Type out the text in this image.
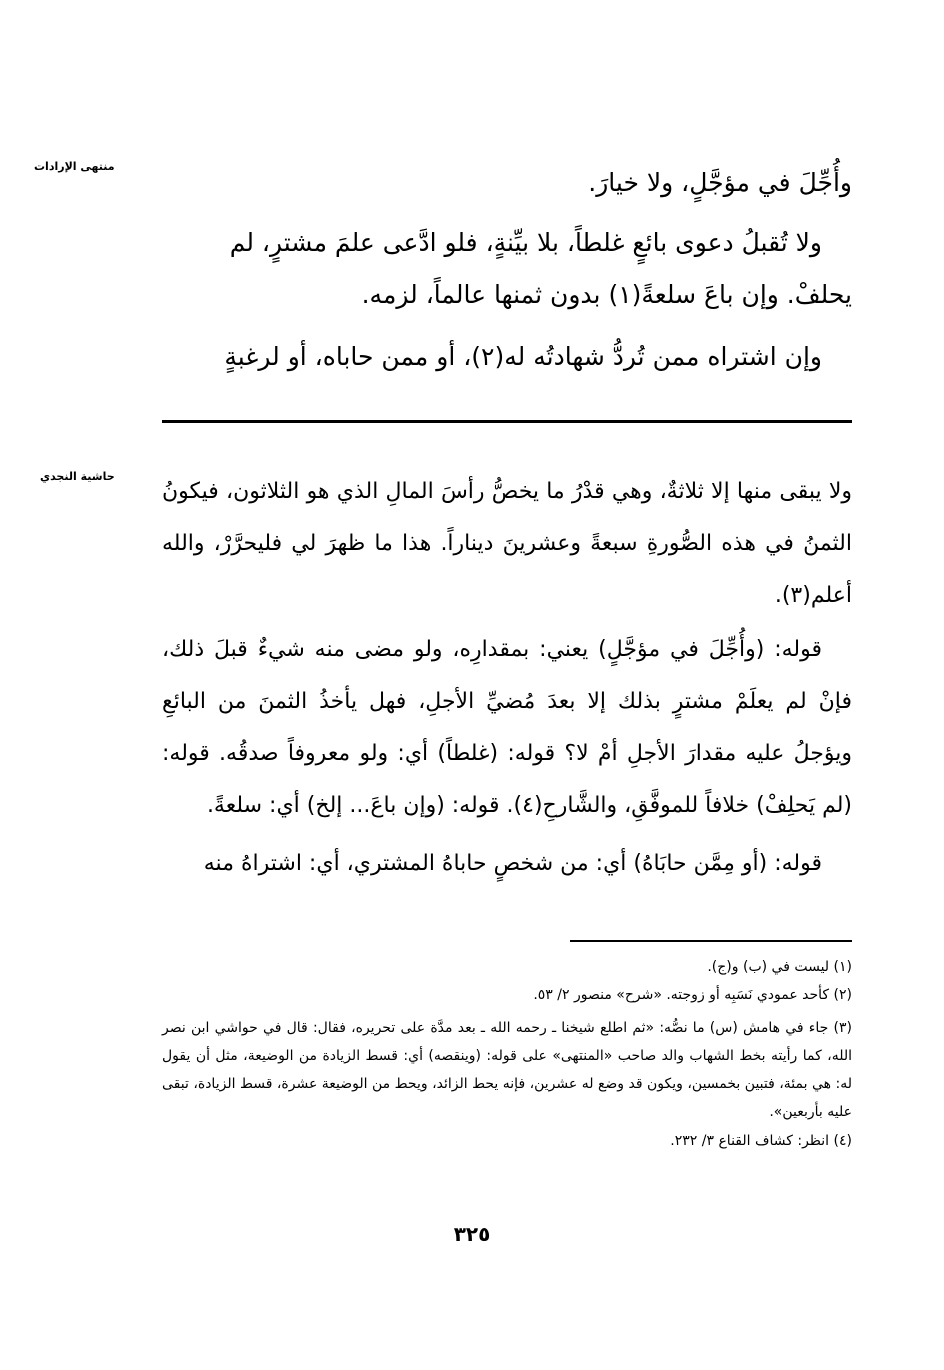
منتهى الإرادات
حاشية النجدي

وأُجِّلَ في مؤجَّلٍ، ولا خيارَ.

ولا تُقبلُ دعوى بائعٍ غلطاً، بلا بيِّنةٍ، فلو ادَّعى علمَ مشترٍ، لم

يحلفْ. وإن باعَ سلعةً(١) بدون ثمنها عالماً، لزمه.

وإن اشتراه ممن تُردُّ شهادتُه له(٢)، أو ممن حاباه، أو لرغبةٍ

ولا يبقى منها إلا ثلاثةٌ، وهي قدْرُ ما يخصُّ رأسَ المالِ الذي هو الثلاثون، فيكونُ الثمنُ في هذه الصُّورةِ سبعةً وعشرينَ ديناراً. هذا ما ظهرَ لي فليحرَّرْ، والله أعلم(٣).

قوله: (وأُجِّلَ في مؤجَّلٍ) يعني: بمقدارِه، ولو مضى منه شيءٌ قبلَ ذلك، فإنْ لم يعلَمْ مشترٍ بذلك إلا بعدَ مُضيِّ الأجلِ، فهل يأخذُ الثمنَ من البائعِ ويؤجلُ عليه مقدارَ الأجلِ أمْ لا؟ قوله: (غلطاً) أي: ولو معروفاً صدقُه. قوله: (لم يَحلِفْ) خلافاً للموفَّقِ، والشَّارحِ(٤). قوله: (وإن باعَ... إلخ) أي: سلعةً.

قوله: (أو مِمَّن حابَاهُ) أي: من شخصٍ حاباهُ المشتري، أي: اشتراهُ منه

(١) ليست في (ب) و(ج).
(٢) كأحد عمودي نَسَبِه أو زوجته. «شرح» منصور ٢/ ٥٣.
(٣) جاء في هامش (س) ما نصُّه: «ثم اطلع شيخنا ـ رحمه الله ـ بعد مدَّة على تحريره، فقال: قال في حواشي ابن نصر الله، كما رأيته بخط الشهاب والد صاحب «المنتهى» على قوله: (وينقصه) أي: قسط الزيادة من الوضيعة، مثل أن يقول له: هي بمئة، فتبين بخمسين، ويكون قد وضع له عشرين، فإنه يحط الزائد، ويحط من الوضيعة عشرة، قسط الزيادة، تبقى عليه بأربعين».
(٤) انظر: كشاف القناع ٣/ ٢٣٢.
٣٢٥
